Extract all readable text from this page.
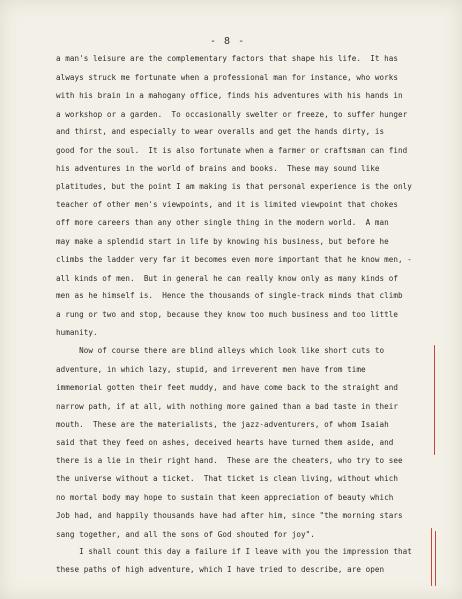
- 8 -
a man's leisure are the complementary factors that shape his life.  It has
always struck me fortunate when a professional man for instance, who works
with his brain in a mahogany office, finds his adventures with his hands in
a workshop or a garden.  To occasionally swelter or freeze, to suffer hunger
and thirst, and especially to wear overalls and get the hands dirty, is
good for the soul.  It is also fortunate when a farmer or craftsman can find
his adventures in the world of brains and books.  These may sound like
platitudes, but the point I am making is that personal experience is the only
teacher of other men's viewpoints, and it is limited viewpoint that chokes
off more careers than any other single thing in the modern world.  A man
may make a splendid start in life by knowing his business, but before he
climbs the ladder very far it becomes even more important that he know men, -
all kinds of men.  But in general he can really know only as many kinds of
men as he himself is.  Hence the thousands of single-track minds that climb
a rung or two and stop, because they know too much business and too little
humanity.
Now of course there are blind alleys which look like short cuts to
adventure, in which lazy, stupid, and irreverent men have from time
immemorial gotten their feet muddy, and have come back to the straight and
narrow path, if at all, with nothing more gained than a bad taste in their
mouth.  These are the materialists, the jazz-adventurers, of whom Isaiah
said that they feed on ashes, deceived hearts have turned them aside, and
there is a lie in their right hand.  These are the cheaters, who try to see
the universe without a ticket.  That ticket is clean living, without which
no mortal body may hope to sustain that keen appreciation of beauty which
Job had, and happily thousands have had after him, since "the morning stars
sang together, and all the sons of God shouted for joy".
I shall count this day a failure if I leave with you the impression that
these paths of high adventure, which I have tried to describe, are open
